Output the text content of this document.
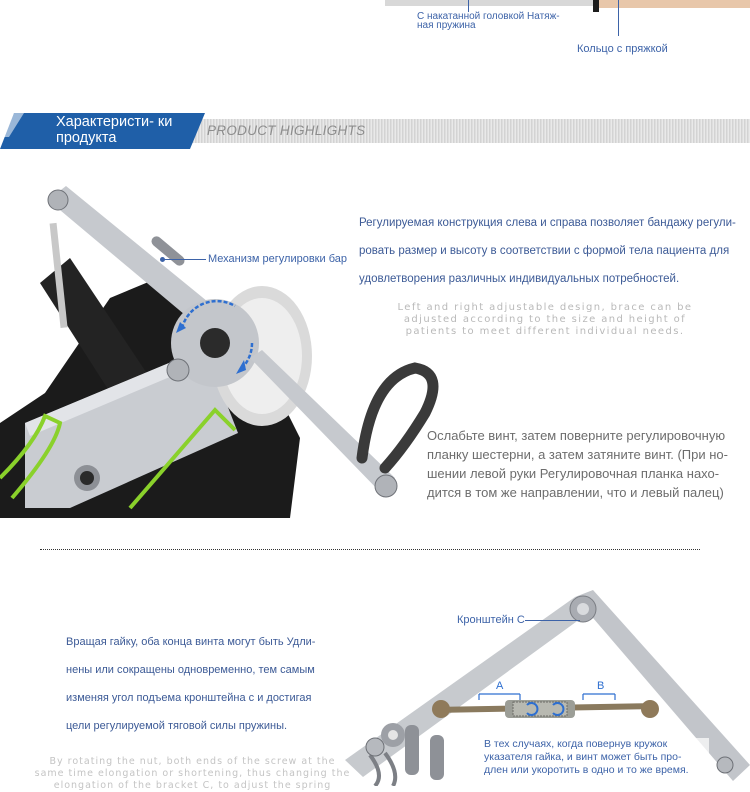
С накатанной головкой Натяж- ная пружина
Кольцо с пряжкой
Характеристи- ки продукта	PRODUCT HIGHLIGHTS
Механизм регулировки бар
Регулируемая конструкция слева и справа позволяет бандажу регули-
ровать размер и высоту в соответствии с формой тела пациента для
удовлетворения различных индивидуальных потребностей.
Left and right adjustable design, brace can be
adjusted according to the size and height of
patients to meet different individual needs.
Ослабьте винт, затем поверните регулировочную
планку шестерни, а затем затяните винт. (При но-
шении левой руки Регулировочная планка нахо-
дится в том же направлении, что и левый палец)
Вращая гайку, оба конца винта могут быть Удли-
нены или сокращены одновременно, тем самым
изменяя угол подъема кронштейна с и достигая
цели регулируемой тяговой силы пружины.
By rotating the nut, both ends of the screw at the
same time elongation or shortening, thus changing the
elongation of the bracket C, to adjust the spring
A	B
Кронштейн C
В тех случаях, когда повернув кружок
указателя гайка, и винт может быть про-
длен или укоротить в одно и то же время.
